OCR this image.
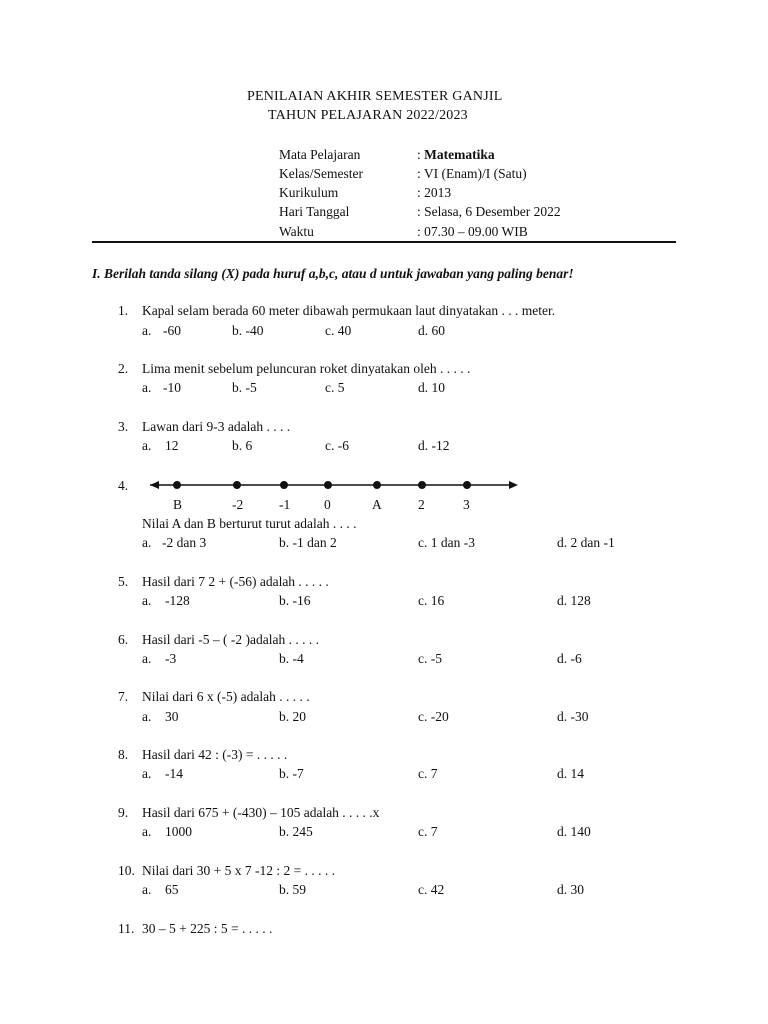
PENILAIAN AKHIR SEMESTER GANJIL
TAHUN PELAJARAN 2022/2023
Mata Pelajaran	: Matematika
Kelas/Semester	: VI (Enam)/I (Satu)
Kurikulum	: 2013
Hari Tanggal	: Selasa, 6 Desember 2022
Waktu	: 07.30 – 09.00 WIB
I. Berilah tanda silang (X) pada huruf a,b,c, atau d untuk jawaban yang paling benar!
1. Kapal selam berada 60 meter dibawah permukaan laut dinyatakan . . . meter.
a. -60	b. -40	c. 40	d. 60
2. Lima menit sebelum peluncuran roket dinyatakan oleh . . . . .
a. -10	b. -5	c. 5	d. 10
3. Lawan dari 9-3 adalah . . . .
a. 12	b. 6	c. -6	d. -12
4.
B	-2	-1	0	A	2	3
Nilai A dan B berturut turut adalah . . . .
a. -2 dan 3	b. -1 dan 2	c. 1 dan -3	d. 2 dan -1
5. Hasil dari 7 2 + (-56) adalah . . . . .
a. -128	b. -16	c. 16	d. 128
6. Hasil dari -5 – ( -2 )adalah . . . . .
a. -3	b. -4	c. -5	d. -6
7. Nilai dari 6 x (-5) adalah . . . . .
a. 30	b. 20	c. -20	d. -30
8. Hasil dari 42 : (-3) = . . . . .
a. -14	b. -7	c. 7	d. 14
9. Hasil dari 675 + (-430) – 105 adalah . . . . .x
a. 1000	b. 245	c. 7	d. 140
10. Nilai dari 30 + 5 x 7 -12 : 2 = . . . . .
a. 65	b. 59	c. 42	d. 30
11. 30 – 5 + 225 : 5 = . . . . .
